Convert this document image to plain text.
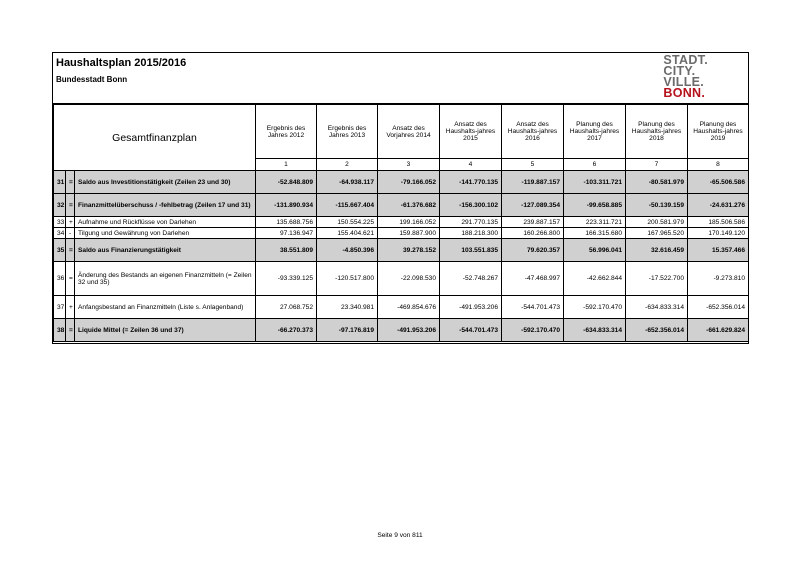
Haushaltsplan 2015/2016
Bundesstadt Bonn
STADT.
CITY.
VILLE.
BONN.
Gesamtfinanzplan			Ergebnis des Jahres 2012	Ergebnis des Jahres 2013	Ansatz des Vorjahres 2014	Ansatz des Haushalts-jahres 2015	Ansatz des Haushalts-jahres 2016	Planung des Haushalts-jahres 2017	Planung des Haushalts-jahres 2018	Planung des Haushalts-jahres 2019
			1	2	3	4	5	6	7	8
31	=	Saldo aus Investitionstätigkeit (Zeilen 23 und 30)	-52.848.809	-64.938.117	-79.166.052	-141.770.135	-119.887.157	-103.311.721	-80.581.979	-65.506.586
32	=	Finanzmittelüberschuss / -fehlbetrag (Zeilen 17 und 31)	-131.890.934	-115.667.404	-61.376.682	-156.300.102	-127.089.354	-99.658.885	-50.139.159	-24.631.276
33	+	Aufnahme und Rückflüsse von Darlehen	135.688.756	150.554.225	199.166.052	291.770.135	239.887.157	223.311.721	200.581.979	185.506.586
34	-	Tilgung und Gewährung von Darlehen	97.136.947	155.404.621	159.887.900	188.218.300	160.266.800	166.315.680	167.965.520	170.149.120
35	=	Saldo aus Finanzierungstätigkeit	38.551.809	-4.850.396	39.278.152	103.551.835	79.620.357	56.996.041	32.616.459	15.357.466
36	=	Änderung des Bestands an eigenen Finanzmitteln (= Zeilen 32 und 35)	-93.339.125	-120.517.800	-22.098.530	-52.748.267	-47.468.997	-42.662.844	-17.522.700	-9.273.810
37	+	Anfangsbestand an Finanzmitteln (Liste s. Anlagenband)	27.068.752	23.340.981	-469.854.676	-491.953.206	-544.701.473	-592.170.470	-634.833.314	-652.356.014
38	=	Liquide Mittel (= Zeilen 36 und 37)	-66.270.373	-97.176.819	-491.953.206	-544.701.473	-592.170.470	-634.833.314	-652.356.014	-661.629.824
Seite 9 von 811
